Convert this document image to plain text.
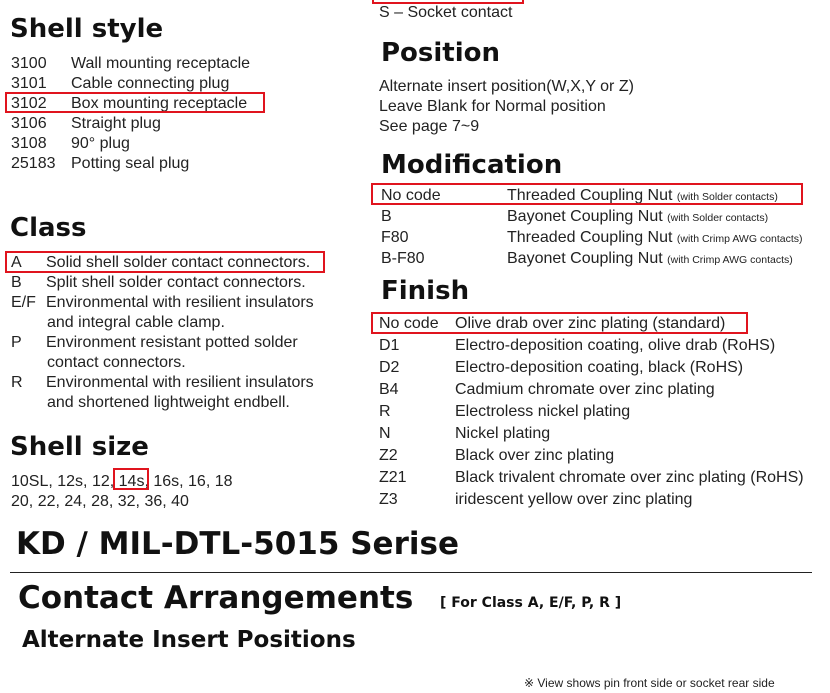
S – Socket contact
Shell style
3100 Wall mounting receptacle
3101 Cable connecting plug
3102 Box mounting receptacle
3106 Straight plug
3108 90° plug
25183 Potting seal plug
Class
A Solid shell solder contact connectors.
B Split shell solder contact connectors.
E/F Environmental with resilient insulators
and integral cable clamp.
P Environment resistant potted solder
contact connectors.
R Environmental with resilient insulators
and shortened lightweight endbell.
Shell size
10SL, 12s, 12, 14s, 16s, 16, 18
20, 22, 24, 28, 32, 36, 40
Position
Alternate insert position(W,X,Y or Z)
Leave Blank for Normal position
See page 7~9
Modification
No code	Threaded Coupling Nut (with Solder contacts)
B	Bayonet Coupling Nut (with Solder contacts)
F80	Threaded Coupling Nut (with Crimp AWG contacts)
B-F80	Bayonet Coupling Nut (with Crimp AWG contacts)
Finish
No code Olive drab over zinc plating (standard)
D1	Electro-deposition coating, olive drab (RoHS)
D2	Electro-deposition coating, black (RoHS)
B4	Cadmium chromate over zinc plating
R	Electroless nickel plating
N	Nickel plating
Z2	Black over zinc plating
Z21	Black trivalent chromate over zinc plating (RoHS)
Z3	iridescent yellow over zinc plating
KD / MIL-DTL-5015 Serise
Contact Arrangements [ For Class A, E/F, P, R ]
Alternate Insert Positions
※ View shows pin front side or socket rear side
